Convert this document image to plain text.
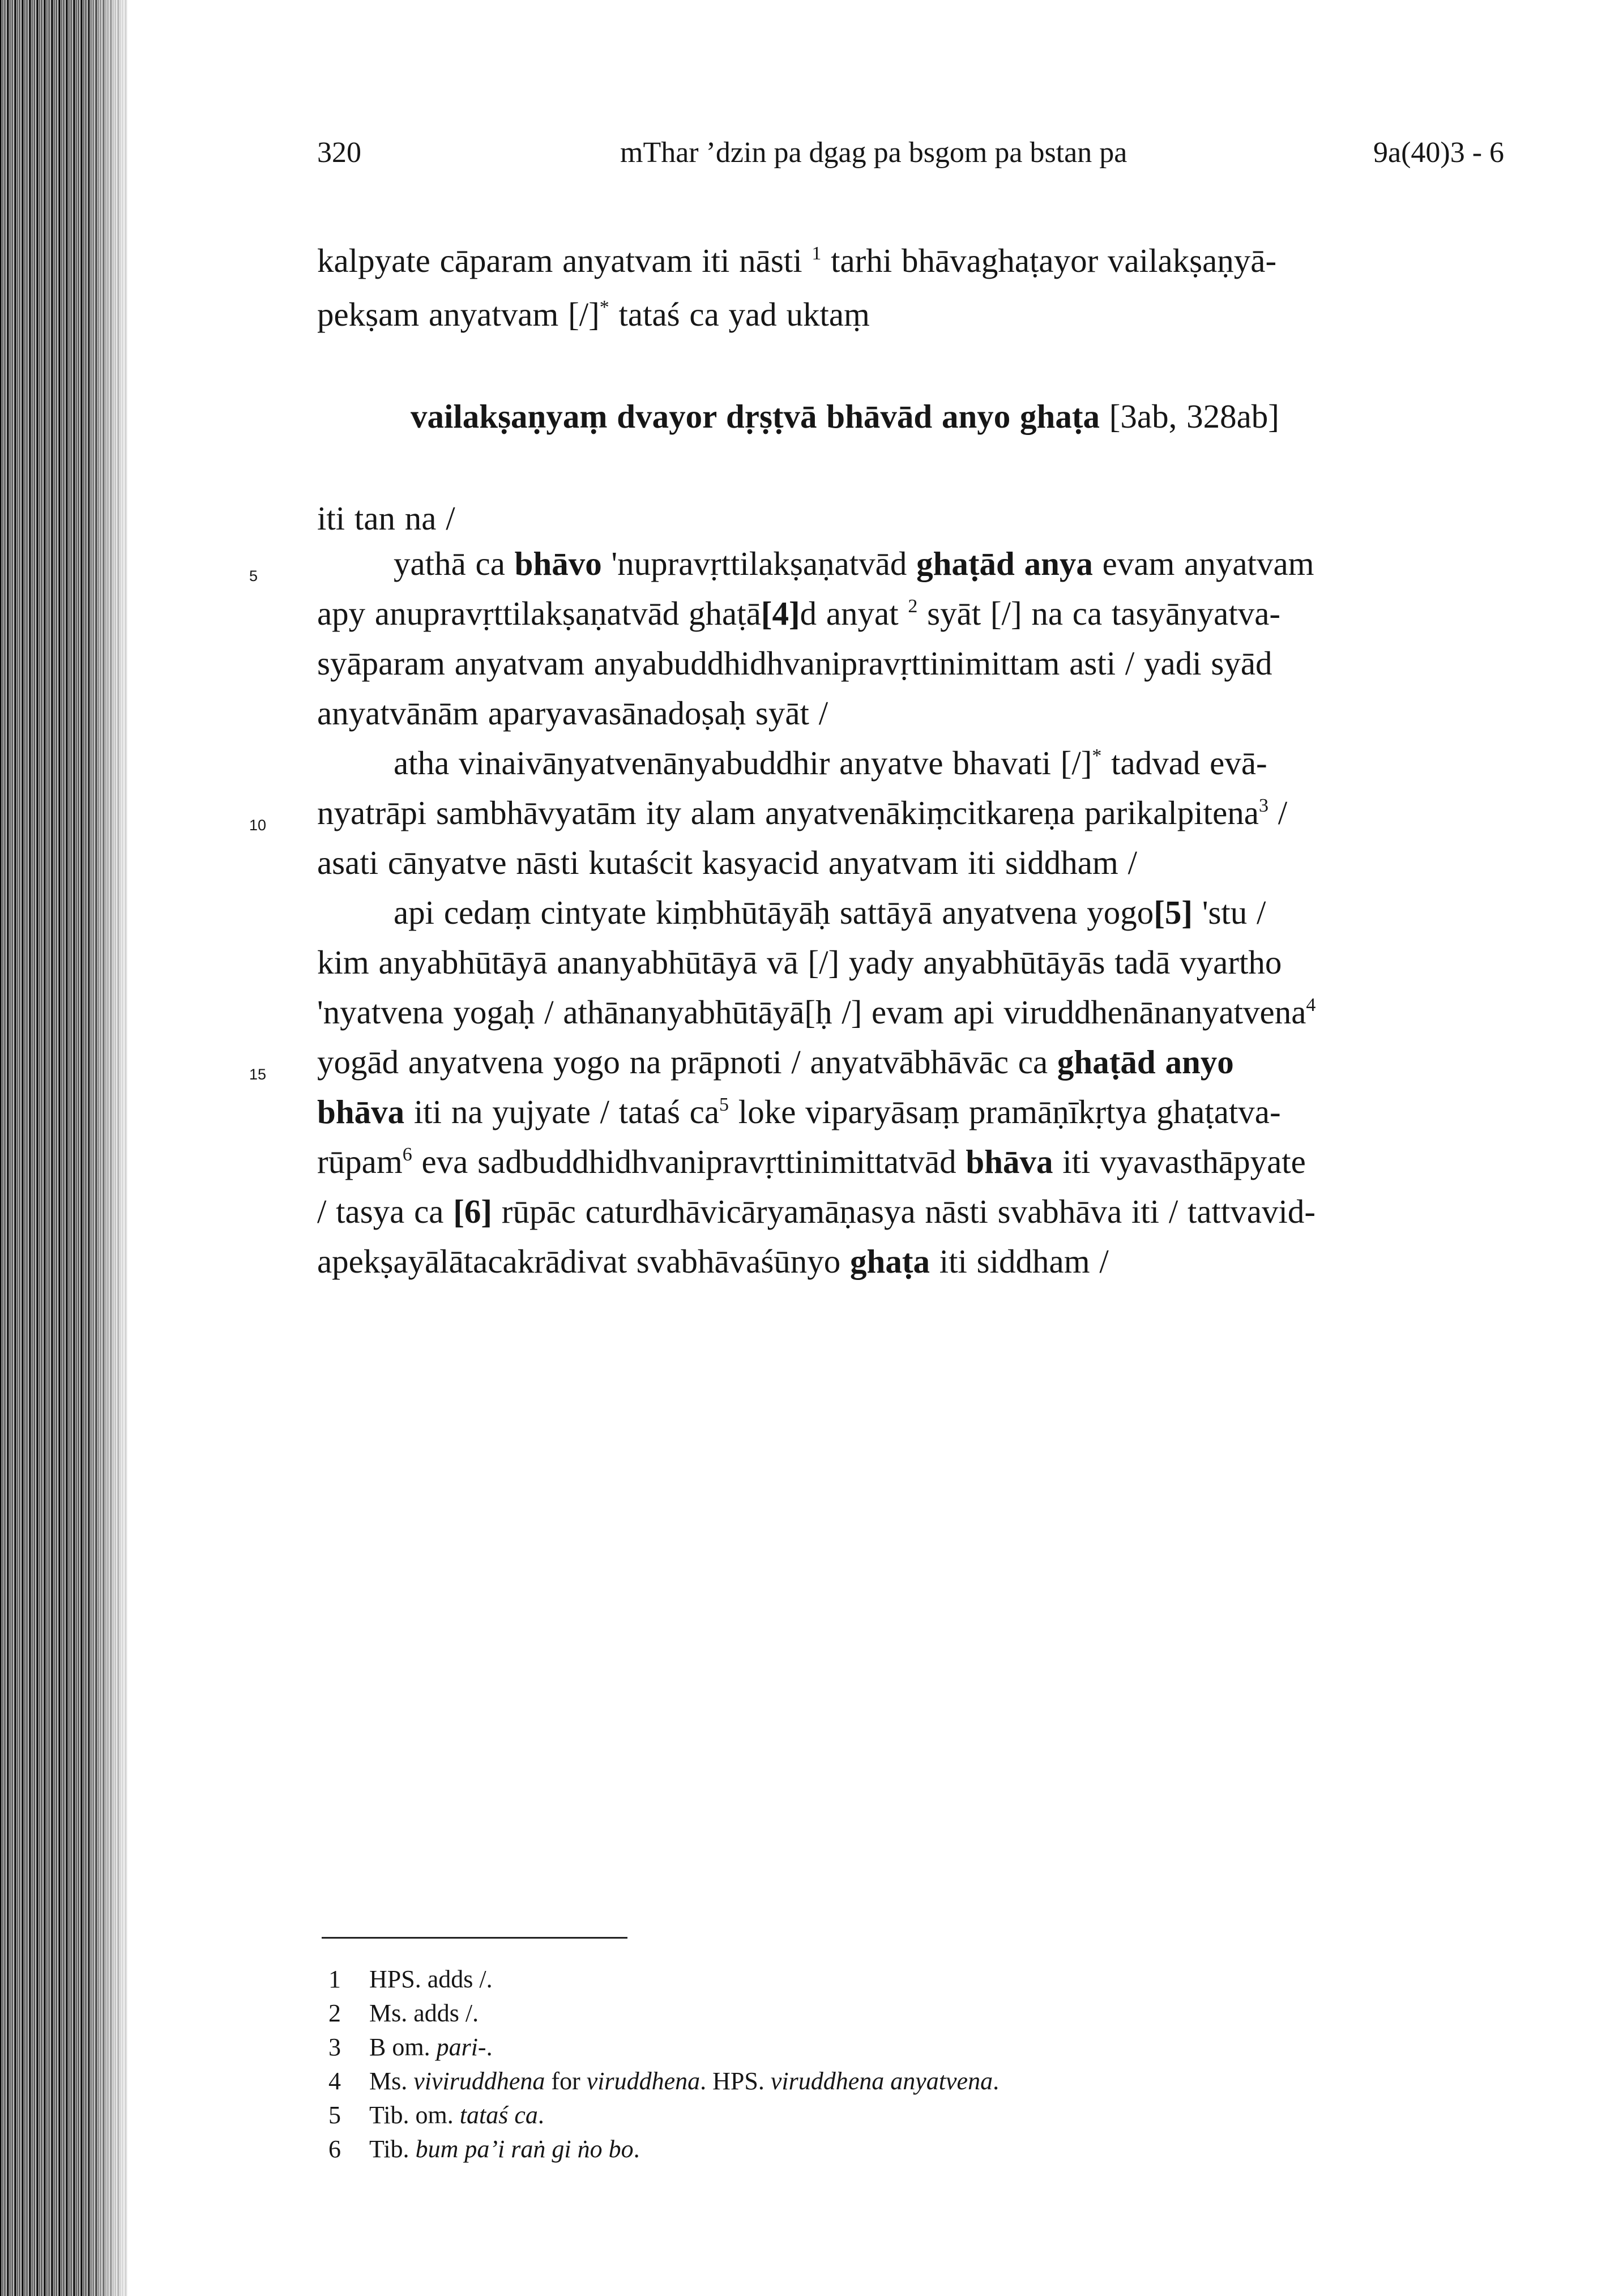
320	mThar ’dzin pa dgag pa bsgom pa bstan pa	9a(40)3 - 6
kalpyate cāparam anyatvam iti nāsti $^1$ tarhi bhāvaghaṭayor vailakṣaṇyā-
pekṣam anyatvam [/]* tataś ca yad uktaṃ
vailakṣaṇyaṃ dvayor dṛṣṭvā bhāvād anyo ghaṭa [3ab, 328ab]
iti tan na /
yathā ca bhāvo 'nupravṛttilakṣaṇatvād ghaṭād anya evam anyatvam
apy anupravṛttilakṣaṇatvād ghaṭā[4]d anyat $^2$ syāt [/] na ca tasyānyatva-
syāparam anyatvam anyabuddhidhvanipravṛttinimittam asti / yadi syād
anyatvānām aparyavasānadoṣaḥ syāt /
atha vinaivānyatvenānyabuddhir anyatve bhavati [/]* tadvad evā-
nyatrāpi sambhāvyatām ity alam anyatvenākiṃcitkareṇa parikalpitena$^3$ /
asati cānyatve nāsti kutaścit kasyacid anyatvam iti siddham /
api cedaṃ cintyate kiṃbhūtāyāḥ sattāyā anyatvena yogo[5] 'stu /
kim anyabhūtāyā ananyabhūtāyā vā [/] yady anyabhūtāyās tadā vyartho
'nyatvena yogaḥ / athānanyabhūtāyā[ḥ /] evam api viruddhenānanyatvena$^4$
yogād anyatvena yogo na prāpnoti / anyatvābhāvāc ca ghaṭād anyo
bhāva iti na yujyate / tataś $ca^5$ loke viparyāsaṃ pramāṇīkṛtya ghaṭatva-
rūpam$^6$ eva sadbuddhidhvanipravṛttinimittatvād bhāva iti vyavasthāpyate
/ tasya ca [6] rūpāc caturdhāvicāryamāṇasya nāsti svabhāva iti / tattvavid-
apekṣayālātacakrādivat svabhāvaśūnyo ghaṭa iti siddham /
5
10
15
1 HPS. adds /.
2 Ms. adds /.
3 B om. pari-.
4 Ms. viviruddhena for viruddhena. HPS. viruddhena anyatvena.
5 Tib. om. tataś ca.
6 Tib. bum pa’i raṅ gi ṅo bo.
